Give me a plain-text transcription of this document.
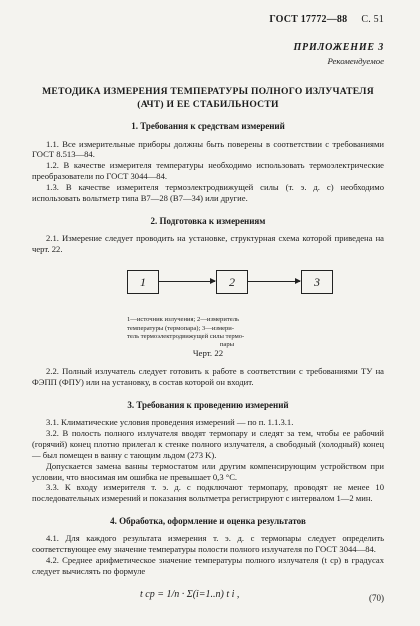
ГОСТ 17772—88 С. 51
ПРИЛОЖЕНИЕ 3
Рекомендуемое
МЕТОДИКА ИЗМЕРЕНИЯ ТЕМПЕРАТУРЫ ПОЛНОГО ИЗЛУЧАТЕЛЯ
(АЧТ) И ЕЕ СТАБИЛЬНОСТИ
1. Требования к средствам измерений

1.1. Все измерительные приборы должны быть поверены в соответствии с требованиями ГОСТ 8.513—84.

1.2. В качестве измерителя температуры необходимо использовать термоэлектрические преобразователи по ГОСТ 3044—84.

1.3. В качестве измерителя термоэлектродвижущей силы (т. э. д. с) необходимо использовать вольтметр типа В7—28 (В7—34) или другие.

2. Подготовка к измерениям

2.1. Измерение следует проводить на установке, структурная схема которой приведена на черт. 22.

1	2	3
1—источник излучения; 2—измеритель
температуры (термопара); 3—измери-
тель термоэлектродвижущей силы термо-
пары
Черт. 22

2.2. Полный излучатель следует готовить к работе в соответствии с требованиями ТУ на ФЭПП (ФПУ) или на установку, в состав которой он входит.

3. Требования к проведению измерений

3.1. Климатические условия проведения измерений — по п. 1.1.3.1.

3.2. В полость полного излучателя вводят термопару и следят за тем, чтобы ее рабочий (горячий) конец плотно прилегал к стенке полного излучателя, а свободный (холодный) конец — был помещен в ванну с тающим льдом (273 K).

Допускается замена ванны термостатом или другим компенсирующим устройством при условии, что вносимая им ошибка не превышает 0,3 °С.

3.3. К входу измерителя т. э. д. с подключают термопару, проводят не менее 10 последовательных измерений и показания вольтметра регистрируют с интервалом 1—2 мин.

4. Обработка, оформление и оценка результатов

4.1. Для каждого результата измерения т. э. д. с термопары следует определить соответствующее ему значение температуры полости полного излучателя по ГОСТ 3044—84.

4.2. Среднее арифметическое значение температуры полного излучателя (t ср) в градусах следует вычислять по формуле

t ср = 1/n · Σ(i=1..n) t i ,	(70)
